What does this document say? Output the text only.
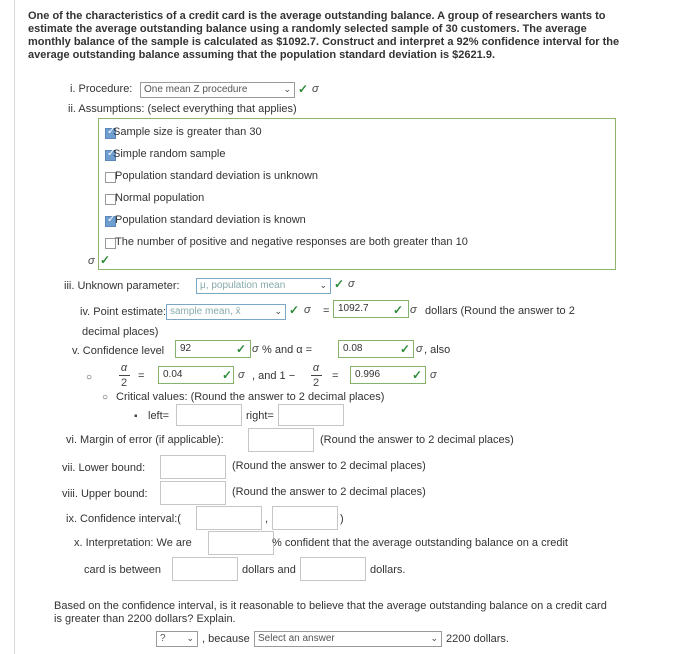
One of the characteristics of a credit card is the average outstanding balance. A group of researchers wants to estimate the average outstanding balance using a randomly selected sample of 30 customers. The average monthly balance of the sample is calculated as $1092.7. Construct and interpret a 92% confidence interval for the average outstanding balance assuming that the population standard deviation is $2621.9.
i. Procedure:	One mean Z procedure	⌄ ✓ σ
ii. Assumptions: (select everything that applies)
✓
Sample size is greater than 30
✓
Simple random sample
Population standard deviation is unknown
Normal population
✓
Population standard deviation is known
The number of positive and negative responses are both greater than 10
σ ✓
iii. Unknown parameter:	μ, population mean	⌄ ✓ σ
iv. Point estimate: sample mean, x̄	⌄ ✓ σ = 1092.7	✓ σ dollars (Round the answer to 2
decimal places)
v. Confidence level	92	✓ σ % and α =	0.08	✓ σ , also
○
α
2
=	0.04	✓ σ , and 1 −
α
2
=	0.996	✓ σ
○ Critical values: (Round the answer to 2 decimal places)
▪ left=	right=
vi. Margin of error (if applicable):	(Round the answer to 2 decimal places)
vii. Lower bound:	(Round the answer to 2 decimal places)
viii. Upper bound:	(Round the answer to 2 decimal places)
ix. Confidence interval:(	,	)
x. Interpretation: We are	% confident that the average outstanding balance on a credit
card is between	dollars and	dollars.
Based on the confidence interval, is it reasonable to believe that the average outstanding balance on a credit card is greater than 2200 dollars? Explain.
? ⌄ , because Select an answer	⌄ 2200 dollars.
